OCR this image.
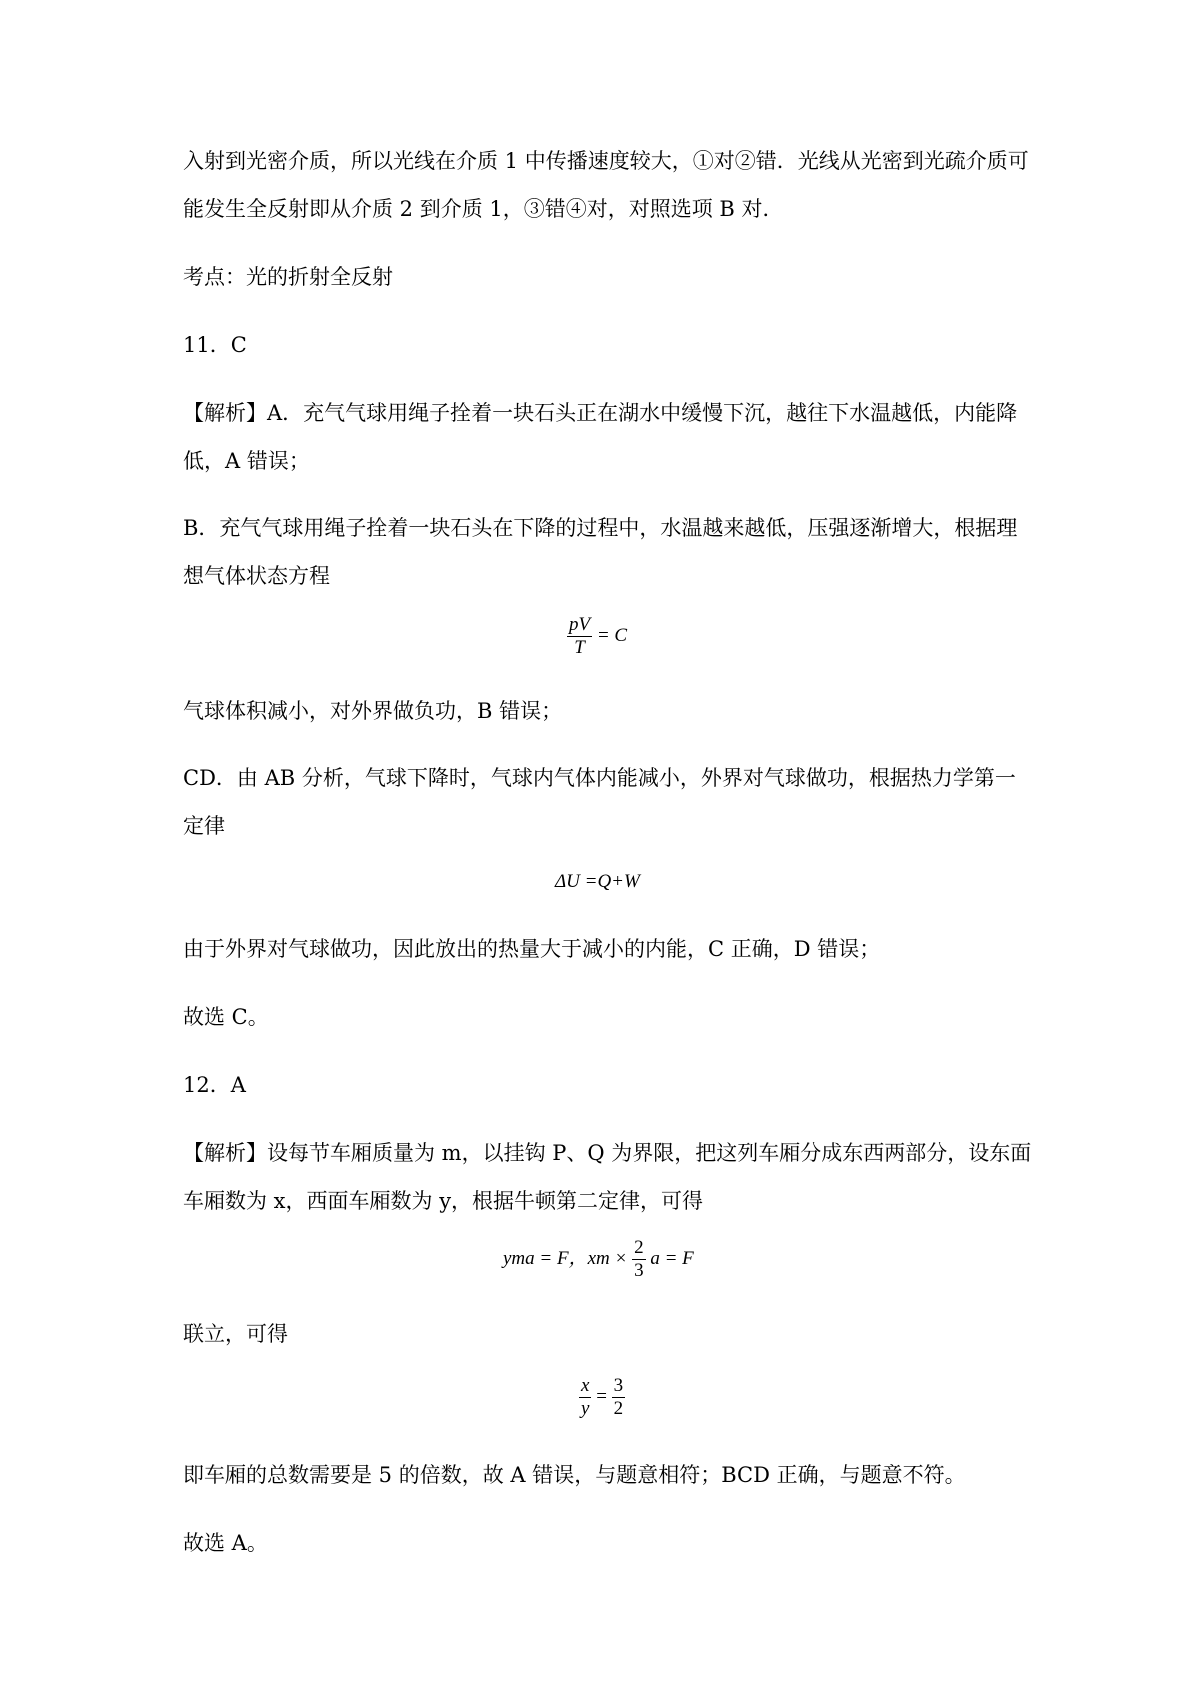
入射到光密介质，所以光线在介质 1 中传播速度较大，①对②错．光线从光密到光疏介质可
能发生全反射即从介质 2 到介质 1，③错④对，对照选项 B 对．
考点：光的折射全反射
11．C
【解析】A．充气气球用绳子拴着一块石头正在湖水中缓慢下沉，越往下水温越低，内能降
低，A 错误；
B．充气气球用绳子拴着一块石头在下降的过程中，水温越来越低，压强逐渐增大，根据理
想气体状态方程
$\frac{pV}{T} = C$
气球体积减小，对外界做负功，B 错误；
CD．由 AB 分析，气球下降时，气球内气体内能减小，外界对气球做功，根据热力学第一
定律
ΔU =Q+W
由于外界对气球做功，因此放出的热量大于减小的内能，C 正确，D 错误；
故选 C。
12．A
【解析】设每节车厢质量为 m，以挂钩 P、Q 为界限，把这列车厢分成东西两部分，设东面
车厢数为 x，西面车厢数为 y，根据牛顿第二定律，可得
yma = F，xm × $\frac{2}{3}$ a = F
联立，可得
$\frac{x}{y} = \frac{3}{2}$
即车厢的总数需要是 5 的倍数，故 A 错误，与题意相符；BCD 正确，与题意不符。
故选 A。
